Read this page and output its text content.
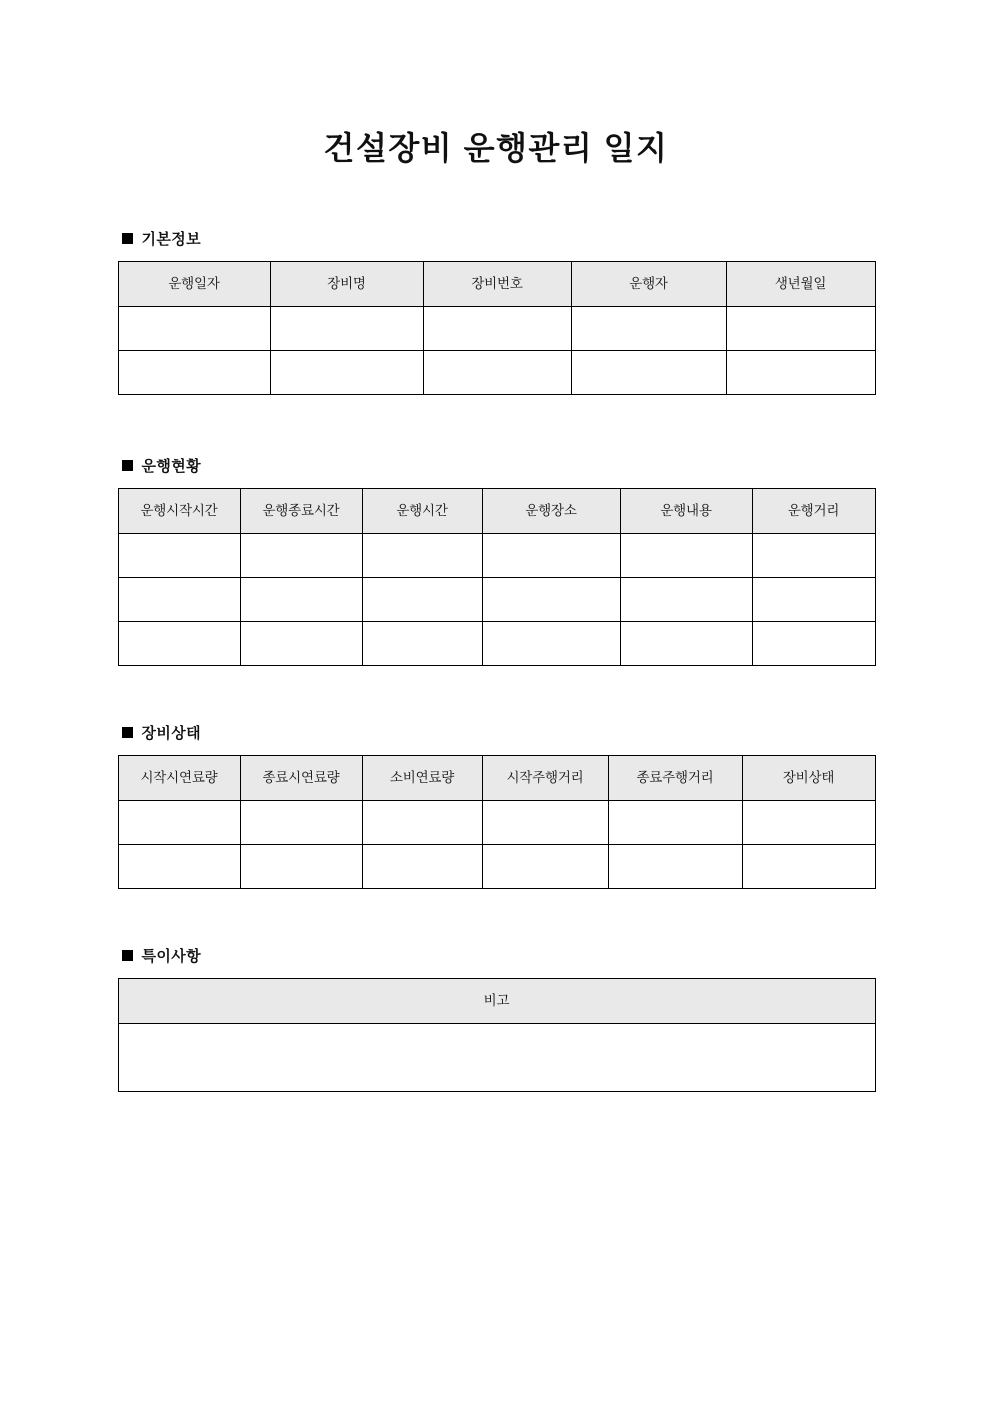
건설장비 운행관리 일지
기본정보
운행일자	장비명	장비번호	운행자	생년월일

운행현황
운행시작시간	운행종료시간	운행시간	운행장소	운행내용	운행거리

장비상태
시작시연료량	종료시연료량	소비연료량	시작주행거리	종료주행거리	장비상태

특이사항
비고
